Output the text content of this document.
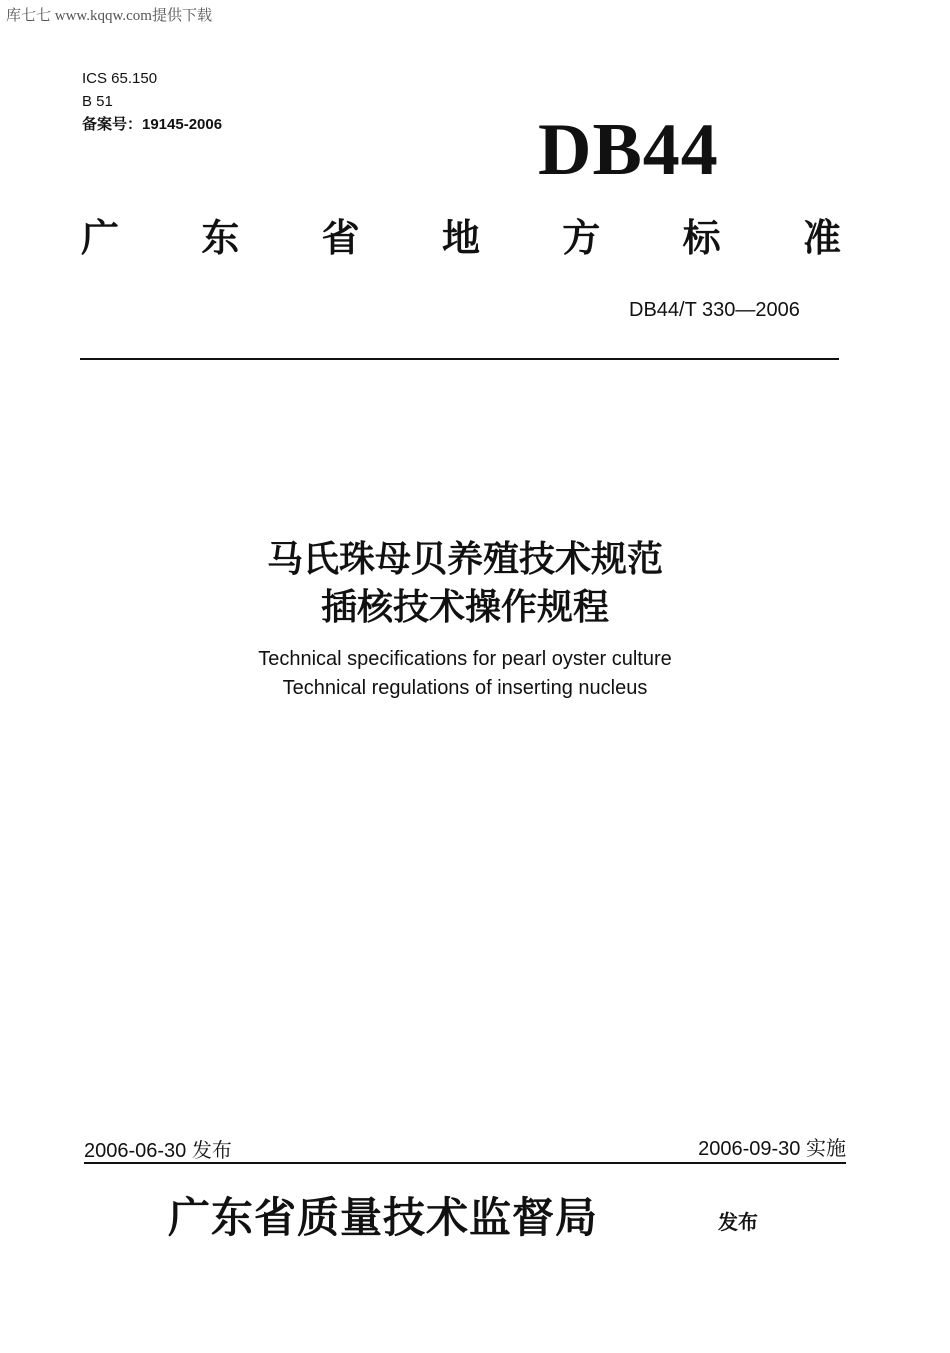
库七七 www.kqqw.com提供下载
ICS 65.150
B 51
备案号：19145-2006	DB44
广 东 省 地 方 标 准
DB44/T 330—2006
马氏珠母贝养殖技术规范
插核技术操作规程
Technical specifications for pearl oyster culture
Technical regulations of inserting nucleus
2006-06-30 发布	2006-09-30 实施
广东省质量技术监督局	发布
